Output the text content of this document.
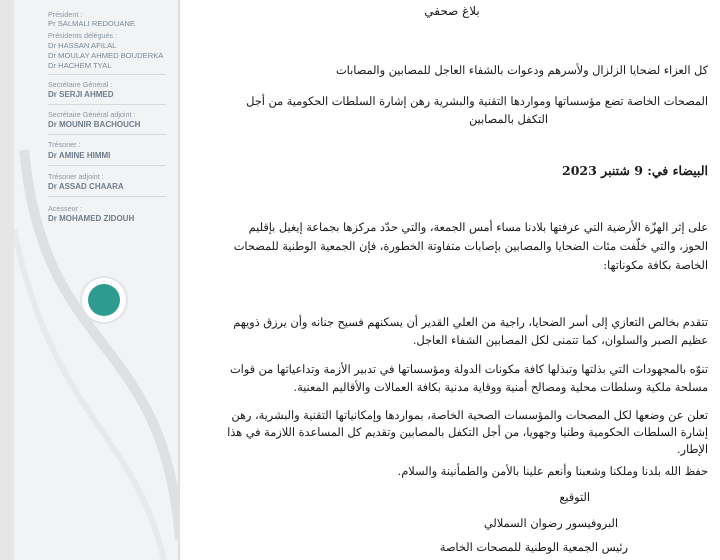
Président :
Pr SALMALI REDOUANE
Présidents délégués :
Dr HASSAN AFILAL
Dr MOULAY AHMED BOUDERKA
Dr HACHEM TYAL
Secrétaire Général :
Dr SERJI AHMED
Secrétaire Général adjoint :
Dr MOUNIR BACHOUCH
Trésorier :
Dr AMINE HIMMI
Trésorier adjoint :
Dr ASSAD CHAARA
Acesseur :
Dr MOHAMED ZIDOUH
بلاغ صحفي
كل العزاء لضحايا الزلزال ولأسرهم ودعوات بالشفاء العاجل للمصابين والمصابات
المصحات الخاصة تضع مؤسساتها ومواردها التقنية والبشرية رهن إشارة السلطات الحكومية من أجل
التكفل بالمصابين
البيضاء في: 9 شتنبر 2023
على إثر الهزّة الأرضية التي عرفتها بلادنا مساء أمس الجمعة، والتي حدّد مركزها بجماعة إيغيل بإقليم
الحوز، والتي خلّفت مئات الضحايا والمصابين بإصابات متفاوتة الخطورة، فإن الجمعية الوطنية للمصحات
الخاصة بكافة مكوناتها:
تتقدم بخالص التعازي إلى أسر الضحايا، راجية من العلي القدير أن يسكنهم فسيح جنانه وأن يرزق ذويهم
عظيم الصبر والسلوان، كما تتمنى لكل المصابين الشفاء العاجل.
تنوّه بالمجهودات التي بذلتها وتبذلها كافة مكونات الدولة ومؤسساتها في تدبير الأزمة وتداعياتها من قوات
مسلحة ملكية وسلطات محلية ومصالح أمنية ووقاية مدنية بكافة العمالات والأقاليم المعنية.
تعلن عن وضعها لكل المصحات والمؤسسات الصحية الخاصة، بمواردها وإمكانياتها التقنية والبشرية، رهن
إشارة السلطات الحكومية وطنيا وجهويا، من أجل التكفل بالمصابين وتقديم كل المساعدة اللازمة في هذا
الإطار.
حفظ الله بلدنا وملكنا وشعبنا وأنعم علينا بالأمن والطمأنينة والسلام.
التوقيع
البروفيسور رضوان السملالي
رئيس الجمعية الوطنية للمصحات الخاصة
